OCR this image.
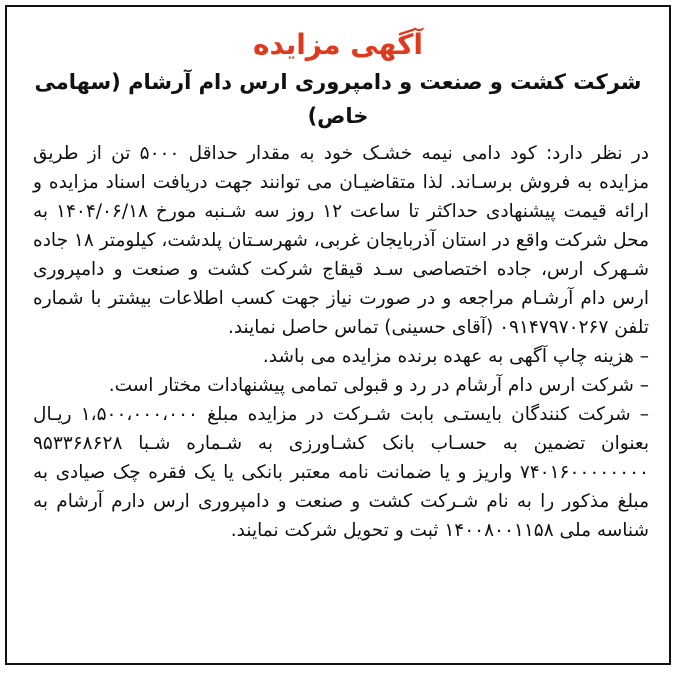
آگهی مزایده
شرکت کشت و صنعت و دامپروری ارس دام آرشام (سهامی خاص)
در نظر دارد: کود دامی نیمه خشـک خود به مقدار حداقل ۵۰۰۰ تن از طریق مزایده به فروش برسـاند. لذا متقاضیـان می توانند جهت دریافت اسناد مزایده و ارائه قیمت پیشنهادی حداکثر تا ساعت ۱۲ روز سه شـنبه مورخ ۱۴۰۴/۰۶/۱۸ به محل شرکت واقع در استان آذربایجان غربی، شهرسـتان پلدشت، کیلومتر ۱۸ جاده شـهرک ارس، جاده اختصاصی سـد قیقاج شرکت کشت و صنعت و دامپروری ارس دام آرشـام مراجعه و در صورت نیاز جهت کسب اطلاعات بیشتر با شماره تلفن ۰۹۱۴۷۹۷۰۲۶۷ (آقای حسینی) تماس حاصل نمایند.
– هزینه چاپ آگهی به عهده برنده مزایده می باشد.
– شرکت ارس دام آرشام در رد و قبولی تمامی پیشنهادات مختار است.
– شرکت کنندگان بایستـی بابت شـرکت در مزایده مبلغ ۱،۵۰۰،۰۰۰،۰۰۰ ریـال بعنوان تضمین به حسـاب بانک کشـاورزی به شـماره شـبا ۹۵۳۳۶۸۶۲۸ ۷۴۰۱۶۰۰۰۰۰۰۰۰ واریز و یا ضمانت نامه معتبر بانکی یا یک فقره چک صیادی به مبلغ مذکور را به نام شـرکت کشت و صنعت و دامپروری ارس دارم آرشام به شناسه ملی ۱۴۰۰۸۰۰۱۱۵۸ ثبت و تحویل شرکت نمایند.
